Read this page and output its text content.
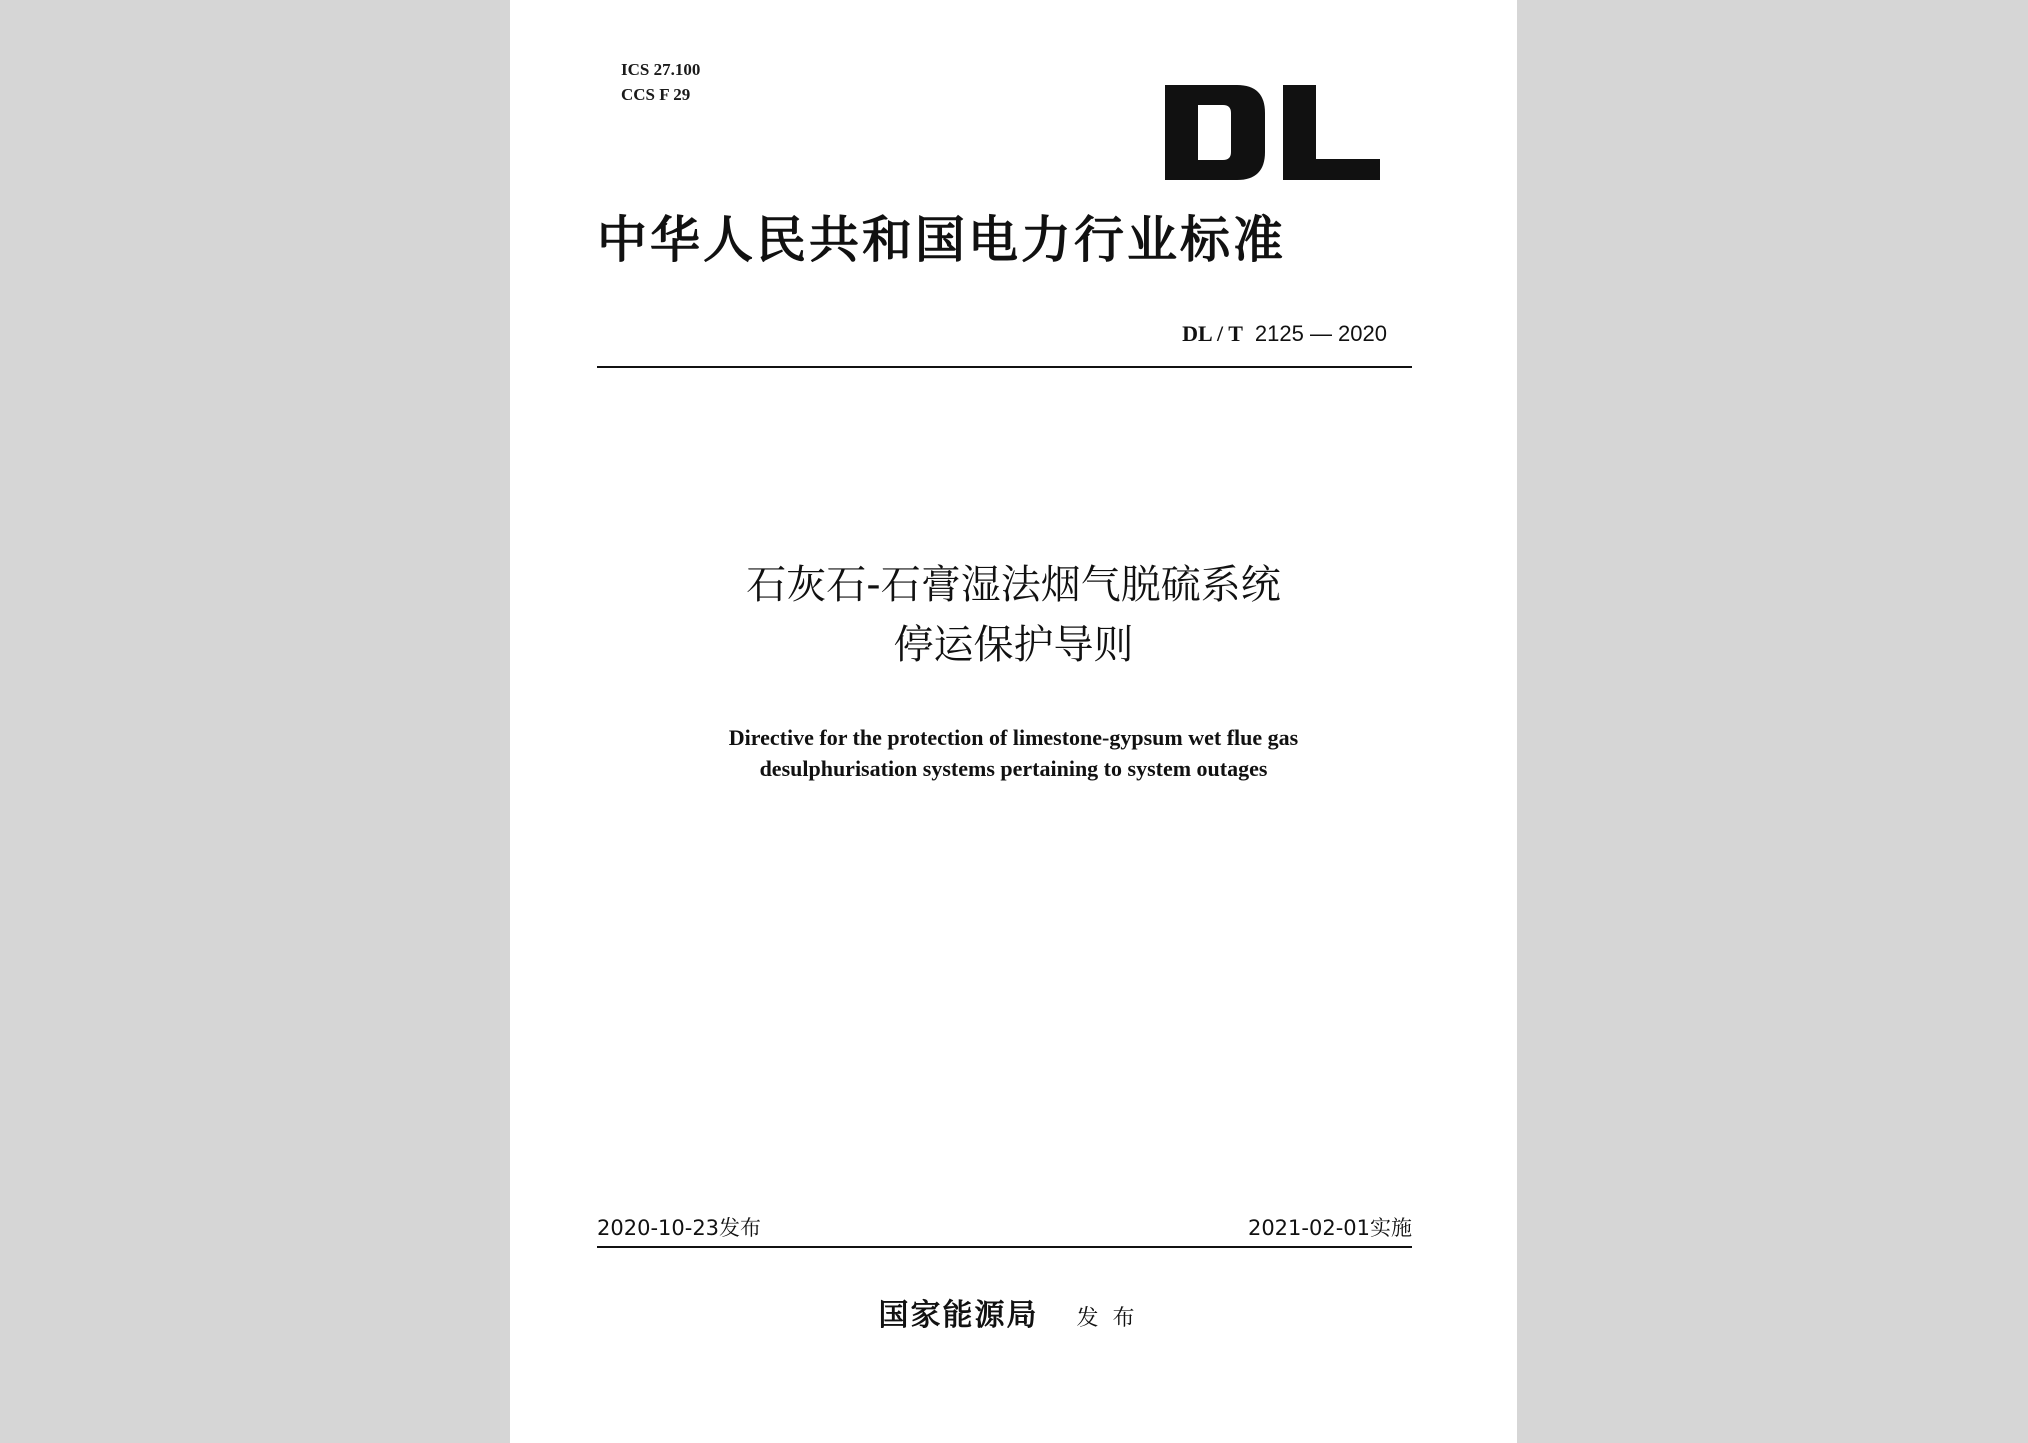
ICS 27.100
CCS F 29
中华人民共和国电力行业标准
DL / T 2125 — 2020
石灰石-石膏湿法烟气脱硫系统
停运保护导则
Directive for the protection of limestone-gypsum wet flue gas
desulphurisation systems pertaining to system outages
2020-10-23发布	2021-02-01实施
国家能源局 发布
